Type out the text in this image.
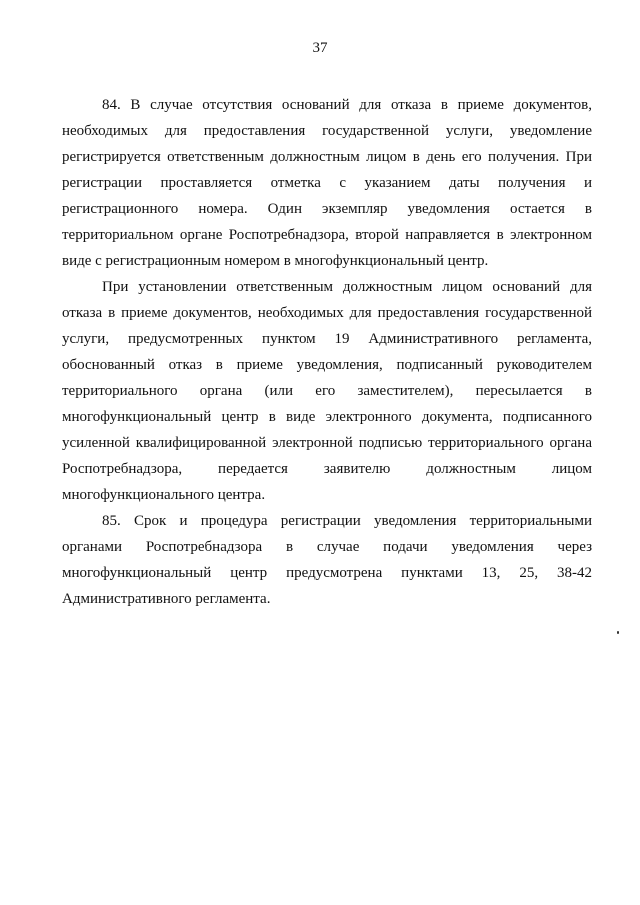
37

84. В случае отсутствия оснований для отказа в приеме документов, необходимых для предоставления государственной услуги, уведомление регистрируется ответственным должностным лицом в день его получения. При регистрации проставляется отметка с указанием даты получения и регистрационного номера. Один экземпляр уведомления остается в территориальном органе Роспотребнадзора, второй направляется в электронном виде с регистрационным номером в многофункциональный центр.

При установлении ответственным должностным лицом оснований для отказа в приеме документов, необходимых для предоставления государственной услуги, предусмотренных пунктом 19 Административного регламента, обоснованный отказ в приеме уведомления, подписанный руководителем территориального органа (или его заместителем), пересылается в многофункциональный центр в виде электронного документа, подписанного усиленной квалифицированной электронной подписью территориального органа Роспотребнадзора, передается заявителю должностным лицом многофункционального центра.

85. Срок и процедура регистрации уведомления территориальными органами Роспотребнадзора в случае подачи уведомления через многофункциональный центр предусмотрена пунктами 13, 25, 38-42 Административного регламента.
